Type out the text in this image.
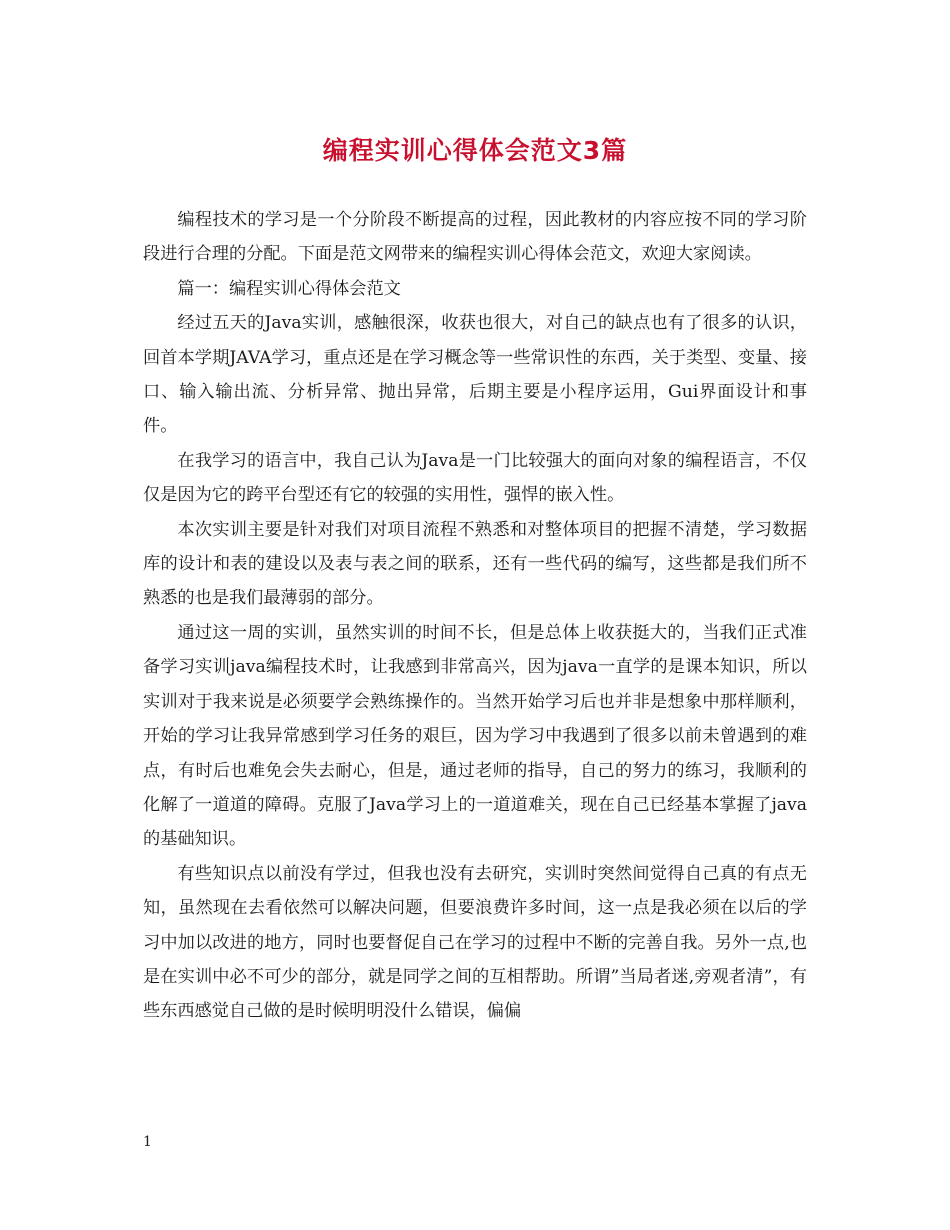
编程实训心得体会范文3篇

编程技术的学习是一个分阶段不断提高的过程，因此教材的内容应按不同的学习阶段进行合理的分配。下面是范文网带来的编程实训心得体会范文，欢迎大家阅读。

篇一：编程实训心得体会范文

经过五天的Java实训，感触很深，收获也很大，对自己的缺点也有了很多的认识，回首本学期JAVA学习，重点还是在学习概念等一些常识性的东西，关于类型、变量、接口、输入输出流、分析异常、抛出异常，后期主要是小程序运用，Gui界面设计和事件。

在我学习的语言中，我自己认为Java是一门比较强大的面向对象的编程语言，不仅仅是因为它的跨平台型还有它的较强的实用性，强悍的嵌入性。

本次实训主要是针对我们对项目流程不熟悉和对整体项目的把握不清楚，学习数据库的设计和表的建设以及表与表之间的联系，还有一些代码的编写，这些都是我们所不熟悉的也是我们最薄弱的部分。

通过这一周的实训，虽然实训的时间不长，但是总体上收获挺大的，当我们正式准备学习实训java编程技术时，让我感到非常高兴，因为java一直学的是课本知识，所以实训对于我来说是必须要学会熟练操作的。当然开始学习后也并非是想象中那样顺利，开始的学习让我异常感到学习任务的艰巨，因为学习中我遇到了很多以前未曾遇到的难点，有时后也难免会失去耐心，但是，通过老师的指导，自己的努力的练习，我顺利的化解了一道道的障碍。克服了Java学习上的一道道难关，现在自己已经基本掌握了java的基础知识。

有些知识点以前没有学过，但我也没有去研究，实训时突然间觉得自己真的有点无知，虽然现在去看依然可以解决问题，但要浪费许多时间，这一点是我必须在以后的学习中加以改进的地方，同时也要督促自己在学习的过程中不断的完善自我。另外一点,也是在实训中必不可少的部分，就是同学之间的互相帮助。所谓”当局者迷,旁观者清”，有些东西感觉自己做的是时候明明没什么错误，偏偏

1
